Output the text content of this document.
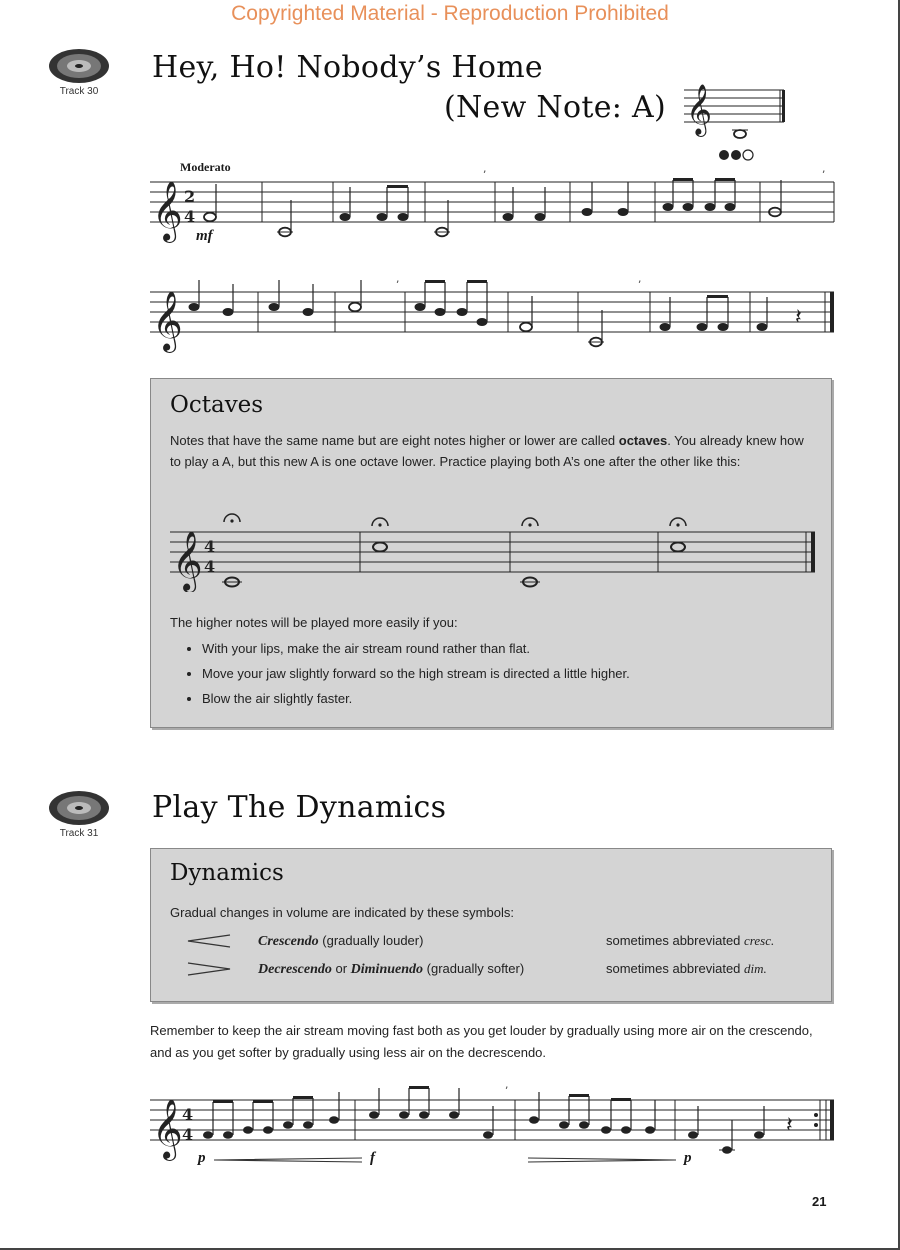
Copyrighted Material - Reproduction Prohibited
Track 30
Hey, Ho! Nobody’s Home
(New Note: A) 𝄞
Moderato
𝄞 2
4
’	’
mf
𝄞
’	’
𝄽
Octaves
Notes that have the same name but are eight notes higher or lower are called octaves. You already knew how to play a A, but this new A is one octave lower. Practice playing both A’s one after the other like this:
𝄞 4
4
The higher notes will be played more easily if you:
• With your lips, make the air stream round rather than flat.
• Move your jaw slightly forward so the high stream is directed a little higher.
• Blow the air slightly faster.
Track 31
Play The Dynamics
Dynamics
Gradual changes in volume are indicated by these symbols:
Crescendo (gradually louder)	sometimes abbreviated cresc.
Decrescendo or Diminuendo (gradually softer)	sometimes abbreviated dim.
Remember to keep the air stream moving fast both as you get louder by gradually using more air on the crescendo, and as you get softer by gradually using less air on the decrescendo.
𝄞 4
4
’
𝄽
p	f	p
21
